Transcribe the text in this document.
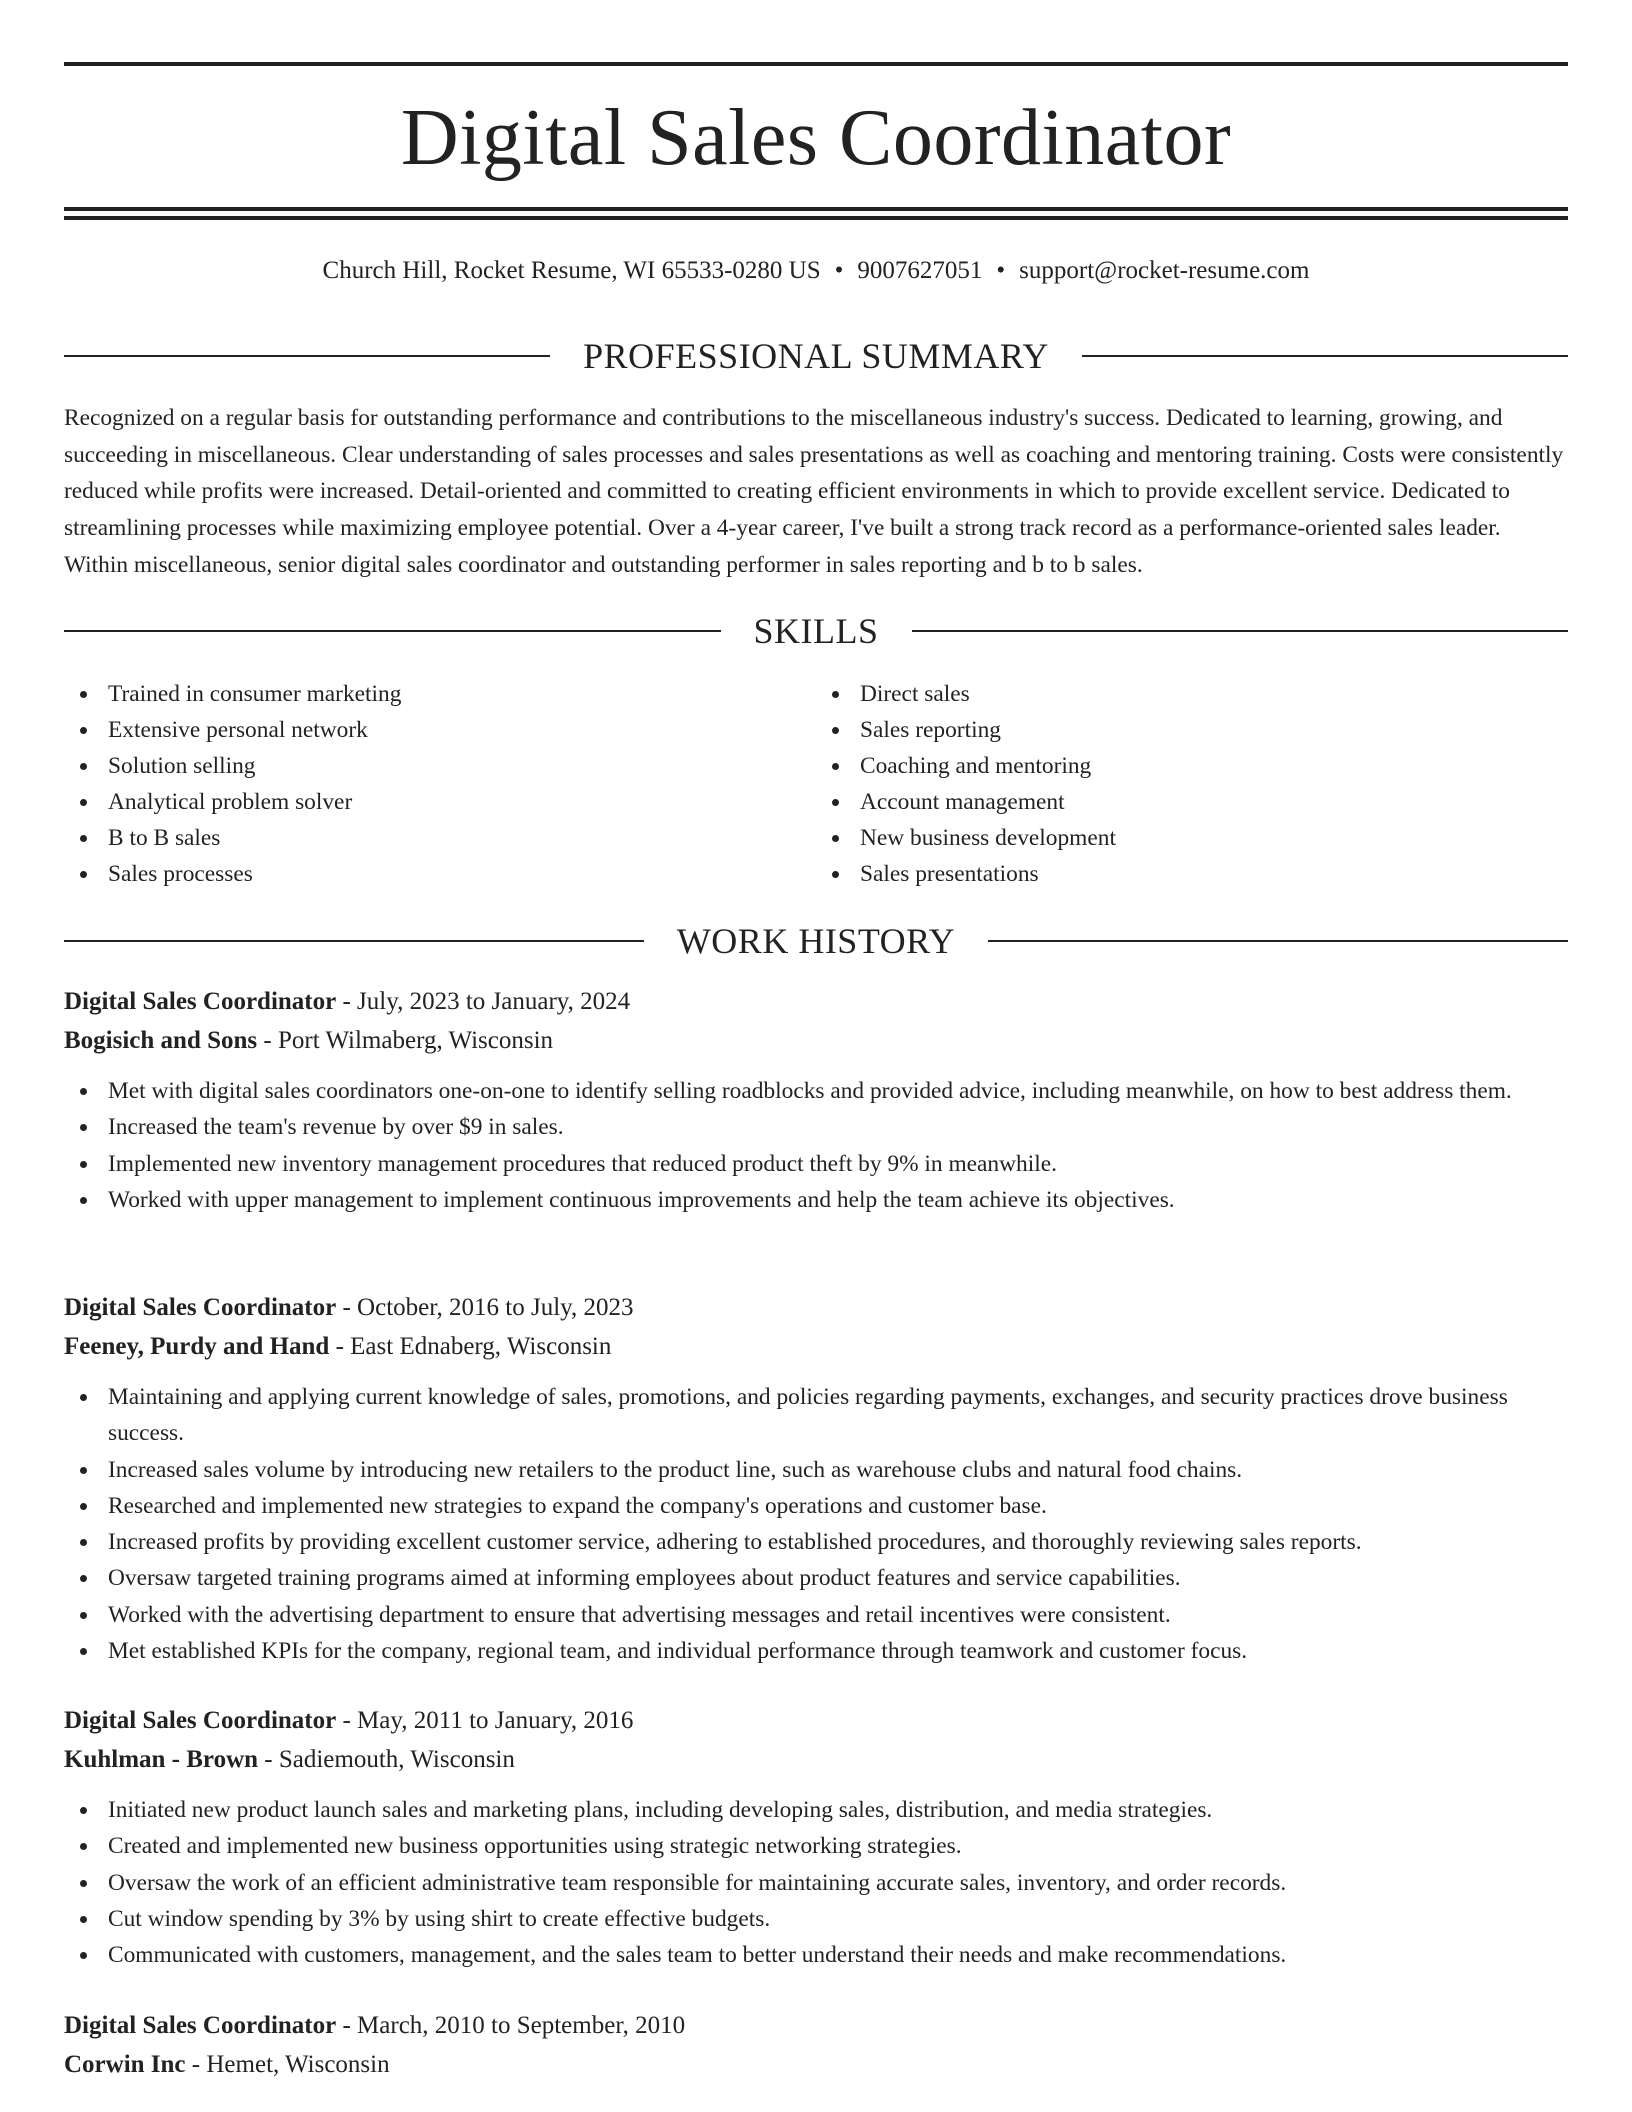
Digital Sales Coordinator
Church Hill, Rocket Resume, WI 65533-0280 US • 9007627051 • support@rocket-resume.com
PROFESSIONAL SUMMARY

Recognized on a regular basis for outstanding performance and contributions to the miscellaneous industry's success. Dedicated to learning, growing, and succeeding in miscellaneous. Clear understanding of sales processes and sales presentations as well as coaching and mentoring training. Costs were consistently reduced while profits were increased. Detail-oriented and committed to creating efficient environments in which to provide excellent service. Dedicated to streamlining processes while maximizing employee potential. Over a 4-year career, I've built a strong track record as a performance-oriented sales leader. Within miscellaneous, senior digital sales coordinator and outstanding performer in sales reporting and b to b sales.

SKILLS
Trained in consumer marketing
Extensive personal network
Solution selling
Analytical problem solver
B to B sales
Sales processes
Direct sales
Sales reporting
Coaching and mentoring
Account management
New business development
Sales presentations
WORK HISTORY
Digital Sales Coordinator - July, 2023 to January, 2024
Bogisich and Sons - Port Wilmaberg, Wisconsin
Met with digital sales coordinators one-on-one to identify selling roadblocks and provided advice, including meanwhile, on how to best address them.
Increased the team's revenue by over $9 in sales.
Implemented new inventory management procedures that reduced product theft by 9% in meanwhile.
Worked with upper management to implement continuous improvements and help the team achieve its objectives.
Digital Sales Coordinator - October, 2016 to July, 2023
Feeney, Purdy and Hand - East Ednaberg, Wisconsin
Maintaining and applying current knowledge of sales, promotions, and policies regarding payments, exchanges, and security practices drove business success.
Increased sales volume by introducing new retailers to the product line, such as warehouse clubs and natural food chains.
Researched and implemented new strategies to expand the company's operations and customer base.
Increased profits by providing excellent customer service, adhering to established procedures, and thoroughly reviewing sales reports.
Oversaw targeted training programs aimed at informing employees about product features and service capabilities.
Worked with the advertising department to ensure that advertising messages and retail incentives were consistent.
Met established KPIs for the company, regional team, and individual performance through teamwork and customer focus.
Digital Sales Coordinator - May, 2011 to January, 2016
Kuhlman - Brown - Sadiemouth, Wisconsin
Initiated new product launch sales and marketing plans, including developing sales, distribution, and media strategies.
Created and implemented new business opportunities using strategic networking strategies.
Oversaw the work of an efficient administrative team responsible for maintaining accurate sales, inventory, and order records.
Cut window spending by 3% by using shirt to create effective budgets.
Communicated with customers, management, and the sales team to better understand their needs and make recommendations.
Digital Sales Coordinator - March, 2010 to September, 2010
Corwin Inc - Hemet, Wisconsin
